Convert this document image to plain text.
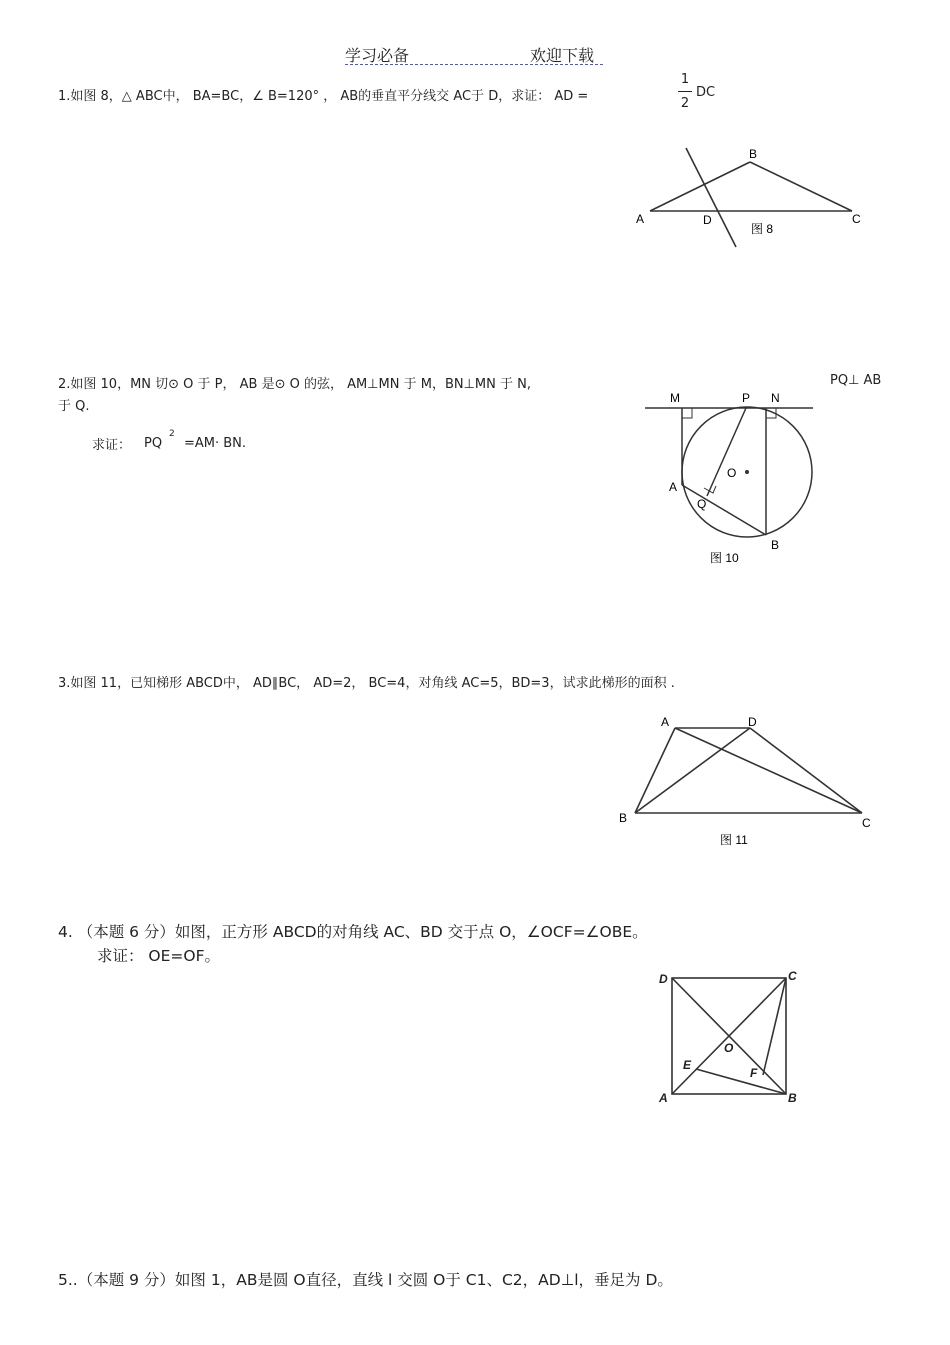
学习必备	欢迎下载
1.如图 8，△ ABC中， BA=BC，∠ B=120° ， AB的垂直平分线交 AC于 D，求证： AD =
1
2
DC
A
B
C
D
图 8
2.如图 10，MN 切⊙ O 于 P， AB 是⊙ O 的弦， AM⊥MN 于 M，BN⊥MN 于 N,	PQ⊥ AB
于 Q.
求证： PQ
2
=AM· BN.
M	P N
O
A
Q
B
图 10
3.如图 11，已知梯形 ABCD中， AD∥BC， AD=2， BC=4，对角线 AC=5，BD=3，试求此梯形的面积 .
A	D
B	C
图 11
4. （本题 6 分）如图，正方形 ABCD的对角线 AC、BD 交于点 O，∠OCF=∠OBE。
求证： OE=OF。
D	C
A	B
E
F
O
5..（本题 9 分）如图 1，AB是圆 O直径，直线 l 交圆 O于 C1、C2，AD⊥l，垂足为 D。
